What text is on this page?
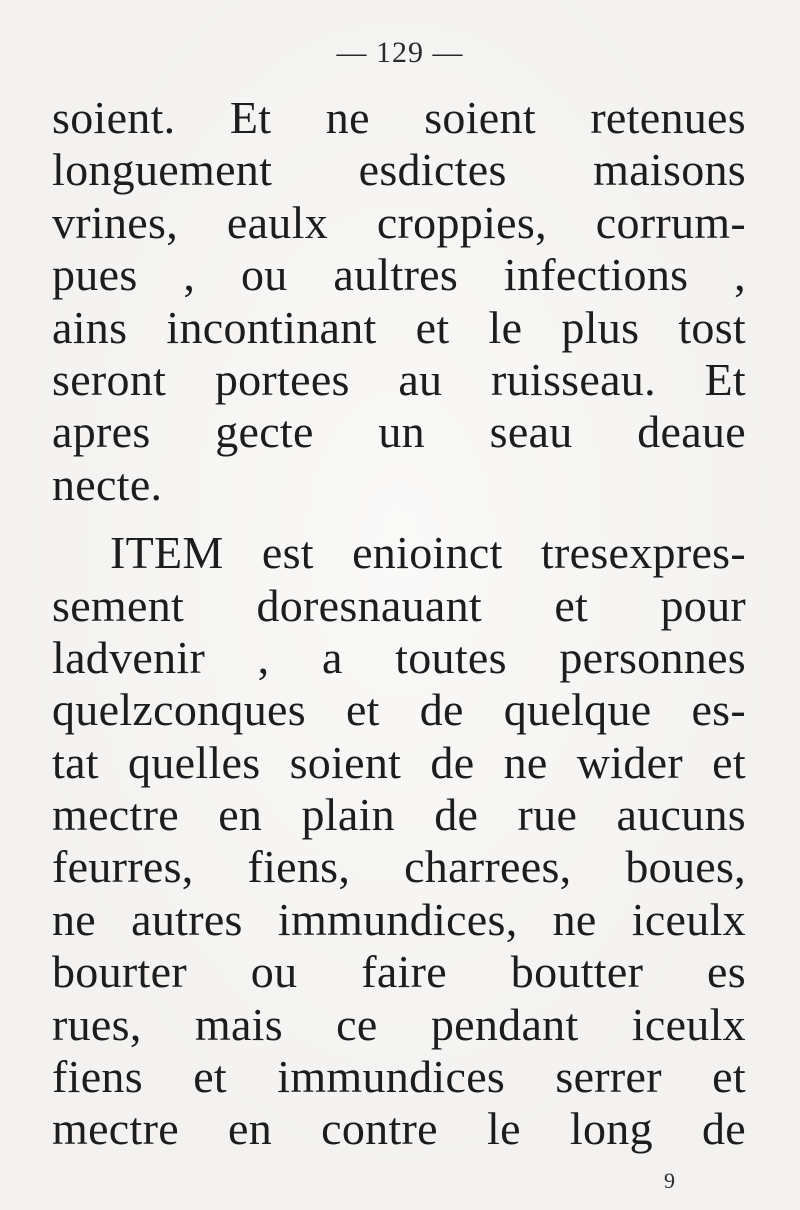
— 129 —
soient. Et ne soient retenues
longuement esdictes maisons
vrines, eaulx croppies, corrum-
pues , ou aultres infections ,
ains incontinant et le plus tost
seront portees au ruisseau. Et
apres gecte un seau deaue
necte.
ITEM est enioinct tresexpres-
sement doresnauant et pour
ladvenir , a toutes personnes
quelzconques et de quelque es-
tat quelles soient de ne wider et
mectre en plain de rue aucuns
feurres, fiens, charrees, boues,
ne autres immundices, ne iceulx
bourter ou faire boutter es
rues, mais ce pendant iceulx
fiens et immundices serrer et
mectre en contre le long de
9
